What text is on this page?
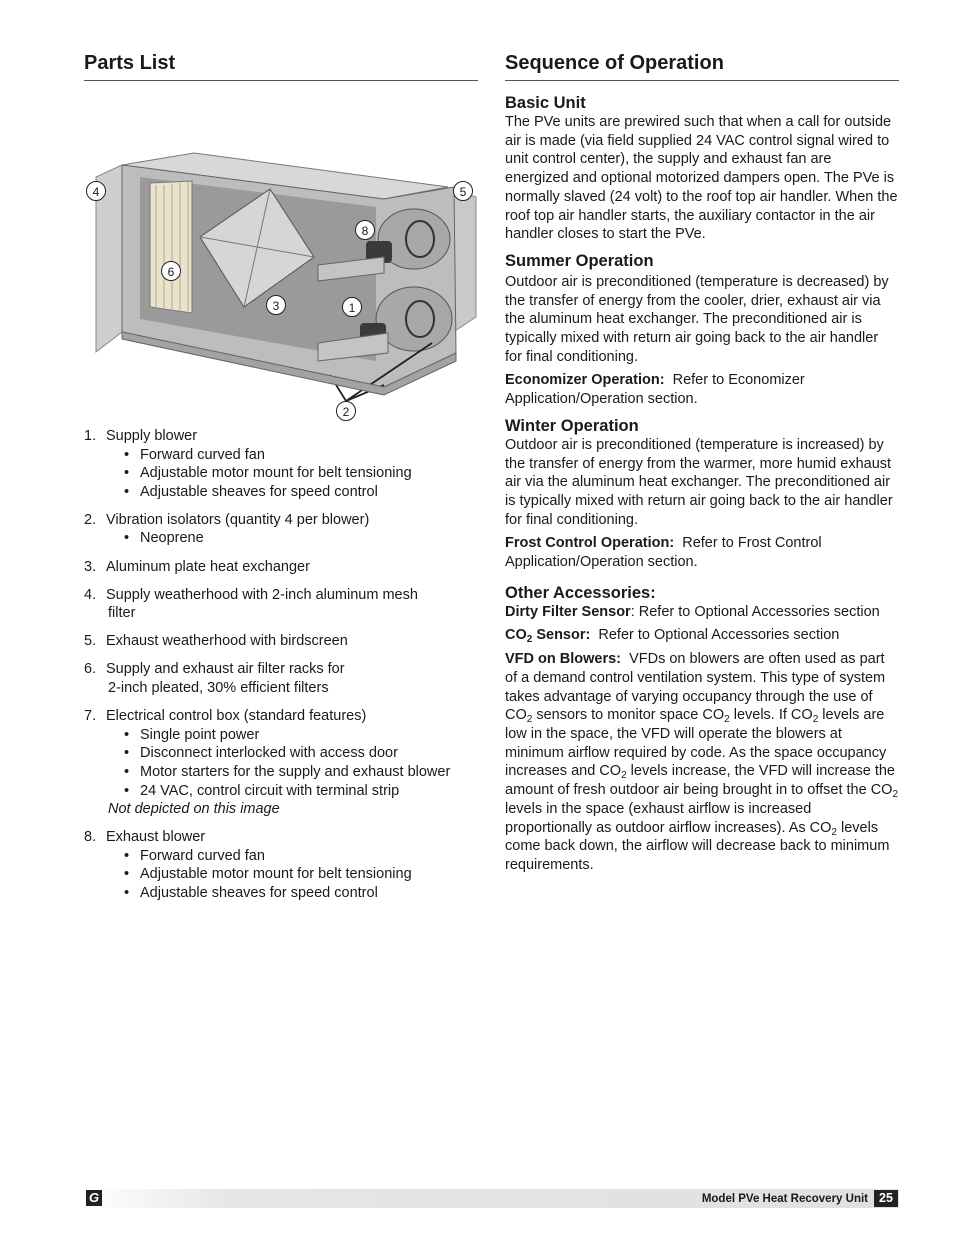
Parts List
4	5
8
6
3	1
2
1. Supply blower
• Forward curved fan
• Adjustable motor mount for belt tensioning
• Adjustable sheaves for speed control
2. Vibration isolators (quantity 4 per blower)
• Neoprene
3. Aluminum plate heat exchanger
4. Supply weatherhood with 2-inch aluminum mesh
filter
5. Exhaust weatherhood with birdscreen
6. Supply and exhaust air filter racks for
2-inch pleated, 30% efficient filters
7. Electrical control box (standard features)
• Single point power
• Disconnect interlocked with access door
• Motor starters for the supply and exhaust blower
• 24 VAC, control circuit with terminal strip
Not depicted on this image
8. Exhaust blower
• Forward curved fan
• Adjustable motor mount for belt tensioning
• Adjustable sheaves for speed control
Sequence of Operation
Basic Unit

The PVe units are prewired such that when a call for outside air is made (via field supplied 24 VAC control signal wired to unit control center), the supply and exhaust fan are energized and optional motorized dampers open. The PVe is normally slaved (24 volt) to the roof top air handler. When the roof top air handler starts, the auxiliary contactor in the air handler closes to start the PVe.

Summer Operation

Outdoor air is preconditioned (temperature is decreased) by the transfer of energy from the cooler, drier, exhaust air via the aluminum heat exchanger. The preconditioned air is typically mixed with return air going back to the air handler for final conditioning.

Economizer Operation: Refer to Economizer Application/Operation section.

Winter Operation

Outdoor air is preconditioned (temperature is increased) by the transfer of energy from the warmer, more humid exhaust air via the aluminum heat exchanger. The preconditioned air is typically mixed with return air going back to the air handler for final conditioning.

Frost Control Operation: Refer to Frost Control Application/Operation section.

Other Accessories:

Dirty Filter Sensor: Refer to Optional Accessories section

$CO_2$ Sensor: Refer to Optional Accessories section

VFD on Blowers: VFDs on blowers are often used as part of a demand control ventilation system. This type of system takes advantage of varying occupancy through the use of $CO_2$ sensors to monitor space $CO_2$ levels. If $CO_2$ levels are low in the space, the VFD will operate the blowers at minimum airflow required by code. As the space occupancy increases and $CO_2$ levels increase, the VFD will increase the amount of fresh outdoor air being brought in to offset the $CO_2$ levels in the space (exhaust airflow is increased proportionally as outdoor airflow increases). As $CO_2$ levels come back down, the airflow will decrease back to minimum requirements.

G	Model PVe Heat Recovery Unit 25
